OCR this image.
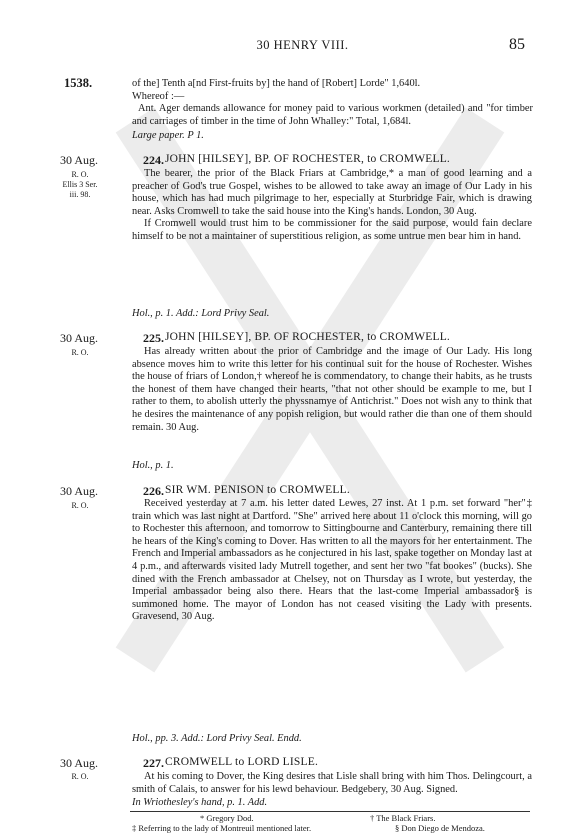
30 HENRY VIII.	85
1538.	of the] Tenth a[nd First-fruits by] the hand of [Robert] Lorde" 1,640l.
Whereof :—

Ant. Ager demands allowance for money paid to various workmen (detailed) and "for timber and carriages of timber in the time of John Whalley:" Total, 1,684l.

Large paper. P 1.
30 Aug.	224. JOHN [HILSEY], BP. OF ROCHESTER, to CROMWELL.
R. O.
Ellis 3 Ser.
iii. 98.

The bearer, the prior of the Black Friars at Cambridge,* a man of good learning and a preacher of God's true Gospel, wishes to be allowed to take away an image of Our Lady in his house, which has had much pilgrimage to her, especially at Sturbridge Fair, which is drawing near. Asks Cromwell to take the said house into the King's hands. London, 30 Aug.

If Cromwell would trust him to be commissioner for the said purpose, would fain declare himself to be not a maintainer of superstitious religion, as some untrue men bear him in hand.

Hol., p. 1. Add.: Lord Privy Seal.
30 Aug.	225. JOHN [HILSEY], BP. OF ROCHESTER, to CROMWELL.
R. O.	Has already written about the prior of Cambridge and the image of Our Lady. His long absence moves him to write this letter for his continual suit for the house of Rochester. Wishes the house of friars of London,† whereof he is commendatory, to change their habits, as he trusts the honest of them have changed their hearts, "that not other should be example to me, but I rather to them, to abolish utterly the physsnamye of Antichrist." Does not wish any to think that he desires the maintenance of any popish religion, but would rather die than one of them should remain. 30 Aug.

Hol., p. 1.
30 Aug.	226. SIR WM. PENISON to CROMWELL.
R. O.	Received yesterday at 7 a.m. his letter dated Lewes, 27 inst. At 1 p.m. set forward "her"‡ train which was last night at Dartford. "She" arrived here about 11 o'clock this morning, will go to Rochester this afternoon, and tomorrow to Sittingbourne and Canterbury, remaining there till he hears of the King's coming to Dover. Has written to all the mayors for her entertainment. The French and Imperial ambassadors as he conjectured in his last, spake together on Monday last at 4 p.m., and afterwards visited lady Mutrell together, and sent her two "fat bookes" (bucks). She dined with the French ambassador at Chelsey, not on Thursday as I wrote, but yesterday, the Imperial ambassador being also there. Hears that the last-come Imperial ambassador§ is summoned home. The mayor of London has not ceased visiting the Lady with presents. Gravesend, 30 Aug.

Hol., pp. 3. Add.: Lord Privy Seal. Endd.
30 Aug.	227. CROMWELL to LORD LISLE.
R. O.	At his coming to Dover, the King desires that Lisle shall bring with him Thos. Delingcourt, a smith of Calais, to answer for his lewd behaviour. Bedgebery, 30 Aug. Signed.

In Wriothesley's hand, p. 1. Add.
* Gregory Dod.	† The Black Friars.
‡ Referring to the lady of Montreuil mentioned later.	§ Don Diego de Mendoza.
